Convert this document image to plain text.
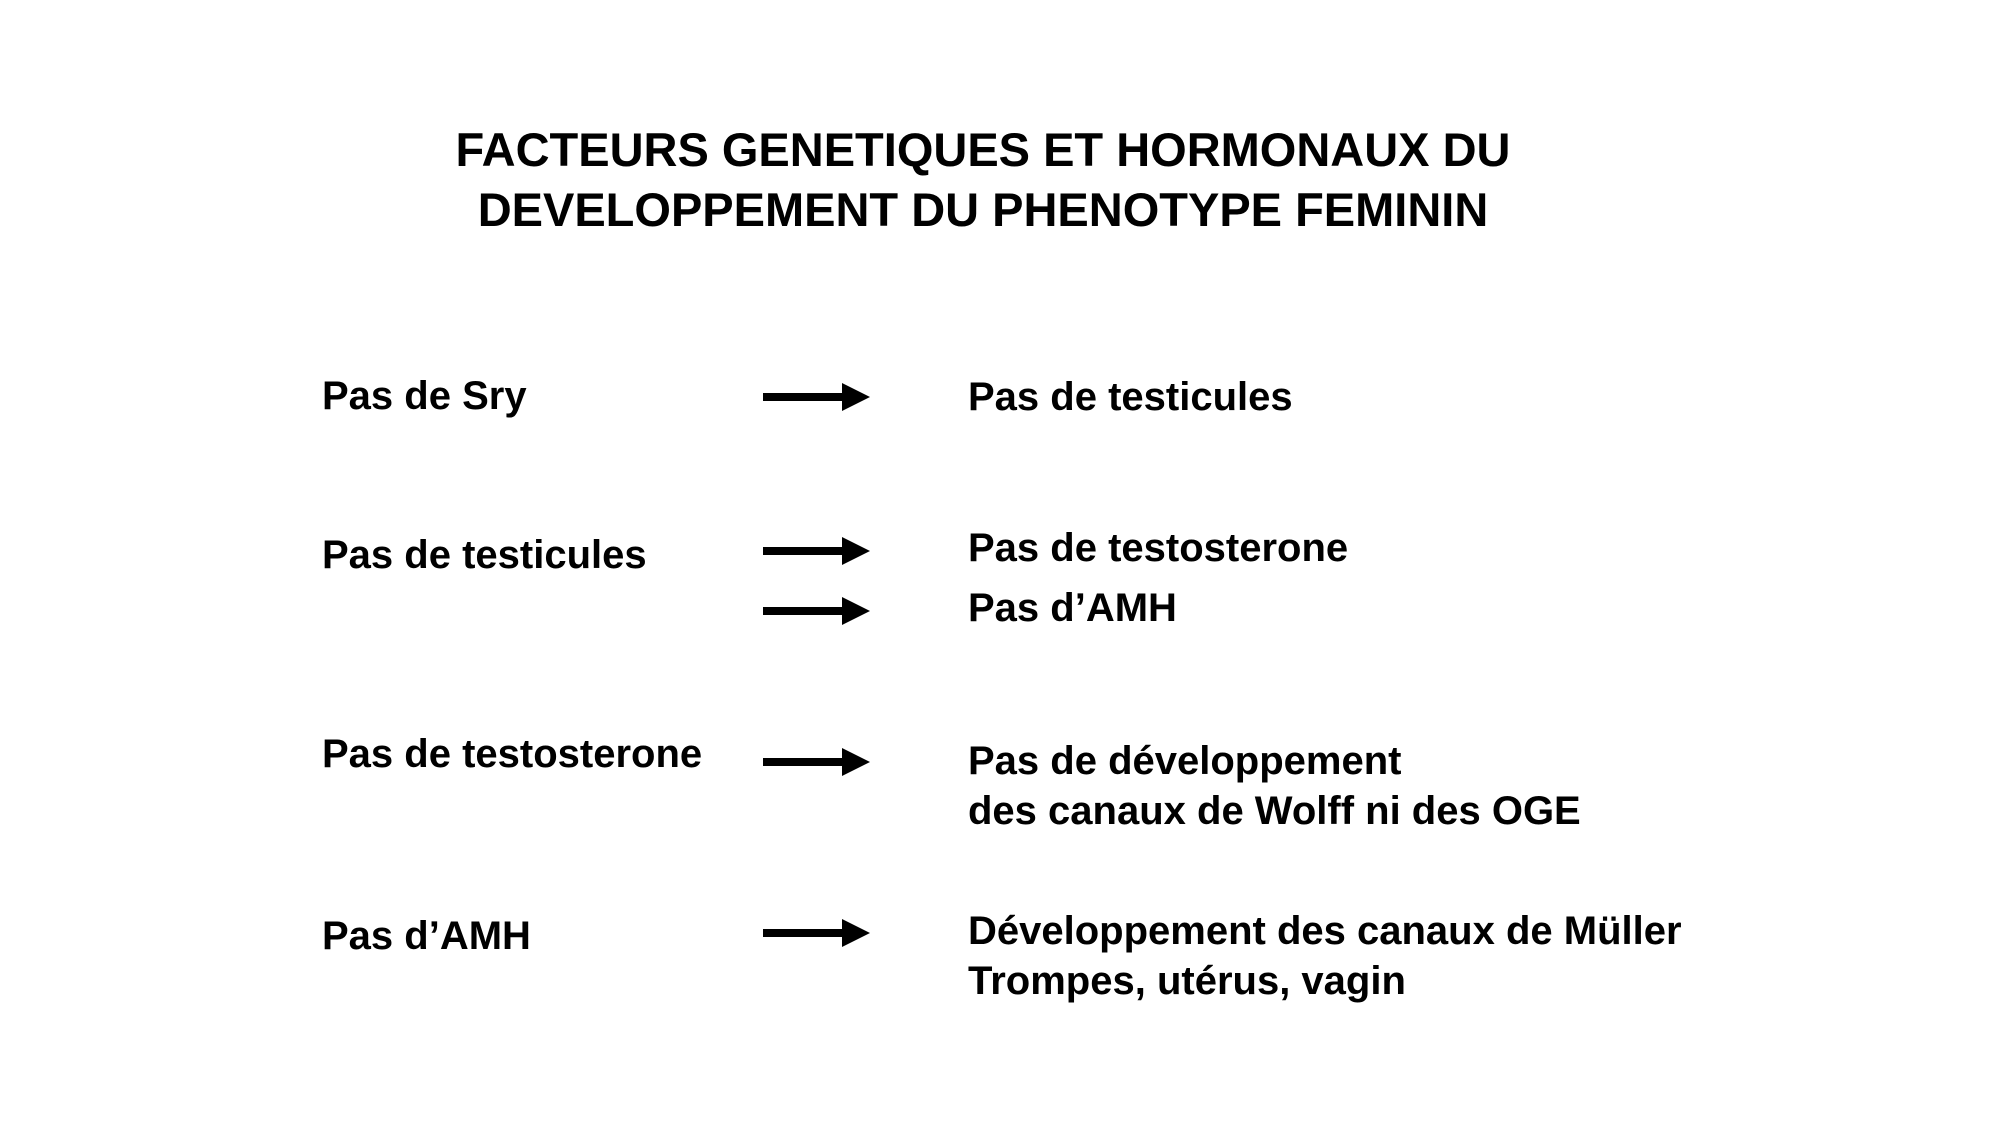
FACTEURS GENETIQUES ET HORMONAUX DU
DEVELOPPEMENT DU PHENOTYPE FEMININ
Pas de Sry	Pas de testicules
Pas de testicules	Pas de testosterone
Pas d’AMH
Pas de testosterone	Pas de développement
des canaux de Wolff ni des OGE
Pas d’AMH	Développement des canaux de Müller
Trompes, utérus, vagin
